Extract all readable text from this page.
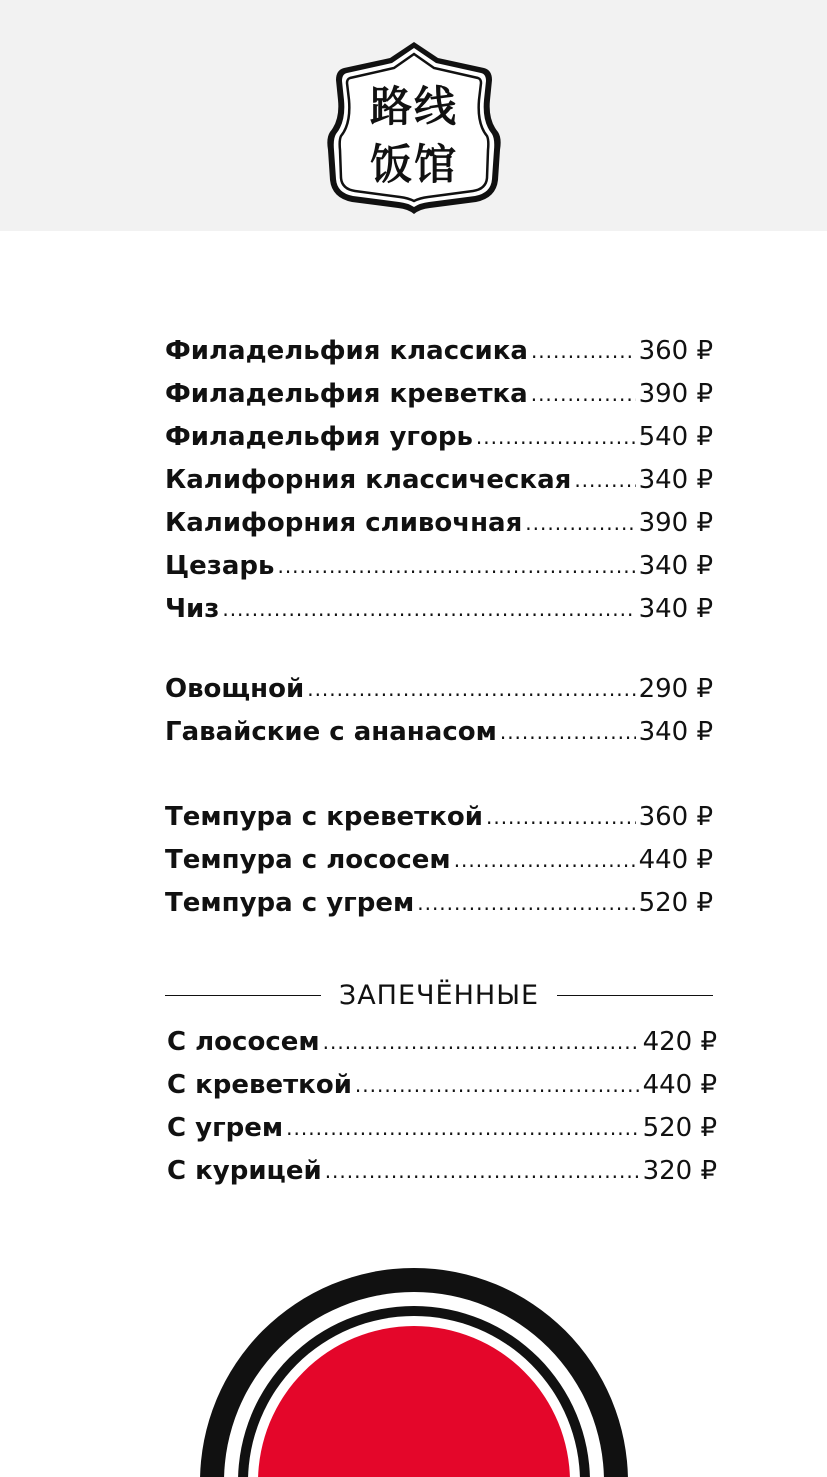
路线
饭馆
Филадельфия классика .....	360 ₽
Филадельфия креветка .....	390 ₽
Филадельфия угорь .....	540 ₽
Калифорния классическая .....	340 ₽
Калифорния сливочная .....	390 ₽
Цезарь .....	340 ₽
Чиз .....	340 ₽
Овощной .....	290 ₽
Гавайские с ананасом .....	340 ₽
Темпура с креветкой .....	360 ₽
Темпура с лососем .....	440 ₽
Темпура с угрем .....	520 ₽
ЗАПЕЧЁННЫЕ
С лососем .....	420 ₽
С креветкой .....	440 ₽
С угрем .....	520 ₽
С курицей .....	320 ₽
